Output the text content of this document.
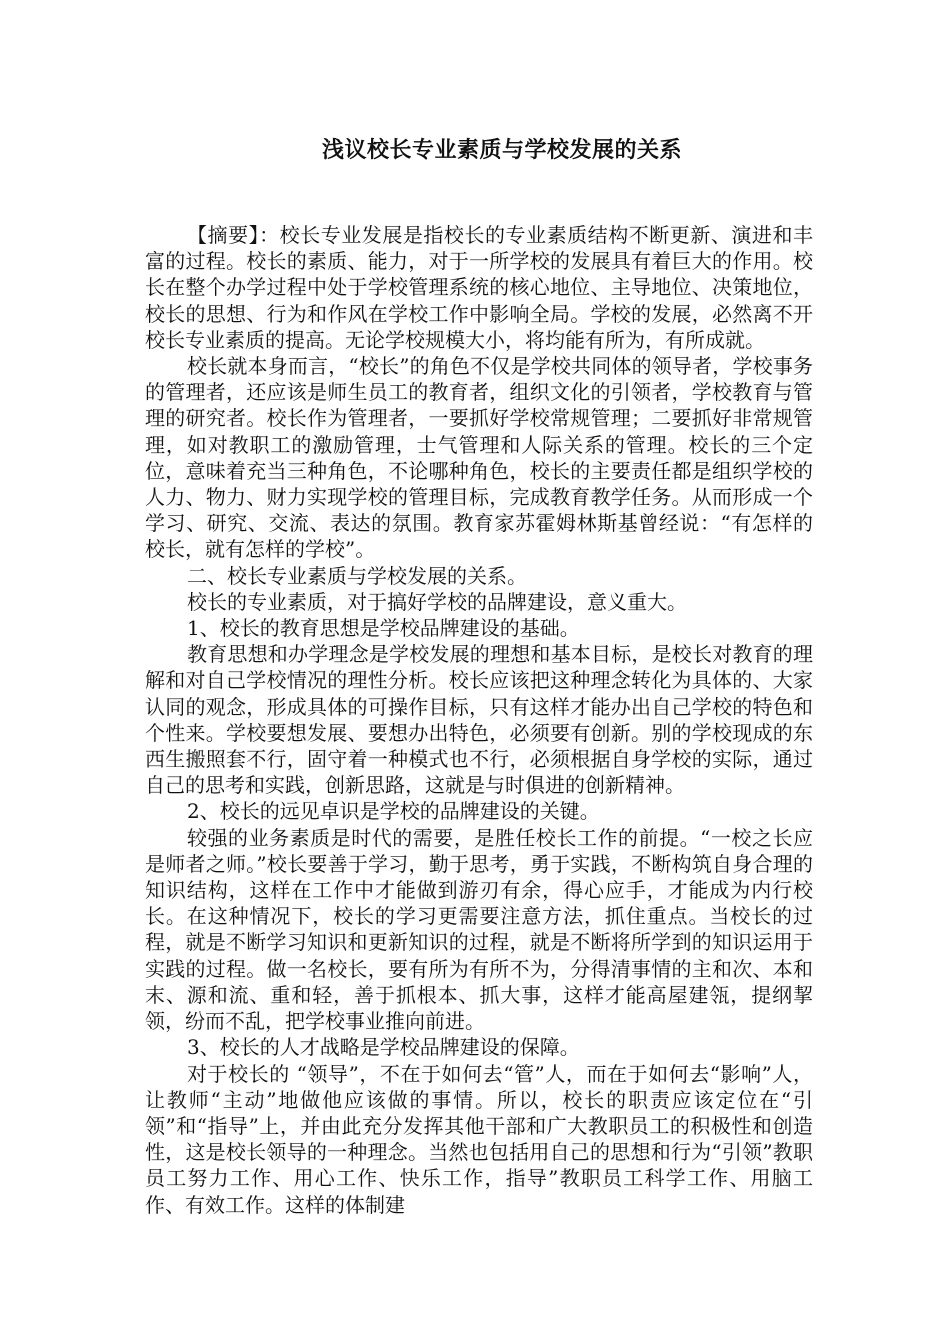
浅议校长专业素质与学校发展的关系

【摘要】：校长专业发展是指校长的专业素质结构不断更新、演进和丰富的过程。校长的素质、能力，对于一所学校的发展具有着巨大的作用。校长在整个办学过程中处于学校管理系统的核心地位、主导地位、决策地位，校长的思想、行为和作风在学校工作中影响全局。学校的发展，必然离不开校长专业素质的提高。无论学校规模大小，将均能有所为，有所成就。

校长就本身而言，“校长”的角色不仅是学校共同体的领导者，学校事务的管理者，还应该是师生员工的教育者，组织文化的引领者，学校教育与管理的研究者。校长作为管理者，一要抓好学校常规管理；二要抓好非常规管理，如对教职工的激励管理，士气管理和人际关系的管理。校长的三个定位，意味着充当三种角色，不论哪种角色，校长的主要责任都是组织学校的人力、物力、财力实现学校的管理目标，完成教育教学任务。从而形成一个学习、研究、交流、表达的氛围。教育家苏霍姆林斯基曾经说：“有怎样的校长，就有怎样的学校”。

二、校长专业素质与学校发展的关系。

校长的专业素质，对于搞好学校的品牌建设，意义重大。

1、校长的教育思想是学校品牌建设的基础。

教育思想和办学理念是学校发展的理想和基本目标，是校长对教育的理解和对自己学校情况的理性分析。校长应该把这种理念转化为具体的、大家认同的观念，形成具体的可操作目标，只有这样才能办出自己学校的特色和个性来。学校要想发展、要想办出特色，必须要有创新。别的学校现成的东西生搬照套不行，固守着一种模式也不行，必须根据自身学校的实际，通过自己的思考和实践，创新思路，这就是与时俱进的创新精神。

2、校长的远见卓识是学校的品牌建设的关键。

较强的业务素质是时代的需要，是胜任校长工作的前提。“一校之长应是师者之师。”校长要善于学习，勤于思考，勇于实践，不断构筑自身合理的知识结构，这样在工作中才能做到游刃有余，得心应手，才能成为内行校长。在这种情况下，校长的学习更需要注意方法，抓住重点。当校长的过程，就是不断学习知识和更新知识的过程，就是不断将所学到的知识运用于实践的过程。做一名校长，要有所为有所不为，分得清事情的主和次、本和末、源和流、重和轻，善于抓根本、抓大事，这样才能高屋建瓴，提纲挈领，纷而不乱，把学校事业推向前进。

3、校长的人才战略是学校品牌建设的保障。

对于校长的 “领导”，不在于如何去“管”人，而在于如何去“影响”人，让教师“主动”地做他应该做的事情。所以，校长的职责应该定位在“引领”和“指导”上，并由此充分发挥其他干部和广大教职员工的积极性和创造性，这是校长领导的一种理念。当然也包括用自己的思想和行为“引领”教职员工努力工作、用心工作、快乐工作，指导”教职员工科学工作、用脑工作、有效工作。这样的体制建
